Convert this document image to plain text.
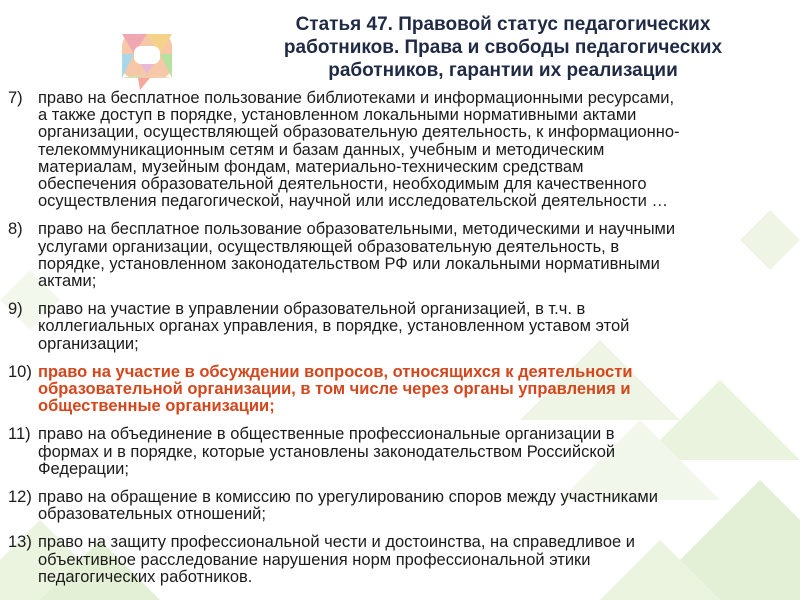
Статья 47. Правовой статус педагогических
работников. Права и свободы педагогических
работников, гарантии их реализации
7) право на бесплатное пользование библиотеками и информационными ресурсами,
а также доступ в порядке, установленном локальными нормативными актами
организации, осуществляющей образовательную деятельность, к информационно-
телекоммуникационным сетям и базам данных, учебным и методическим
материалам, музейным фондам, материально-техническим средствам
обеспечения образовательной деятельности, необходимым для качественного
осуществления педагогической, научной или исследовательской деятельности …
8) право на бесплатное пользование образовательными, методическими и научными
услугами организации, осуществляющей образовательную деятельность, в
порядке, установленном законодательством РФ или локальными нормативными
актами;
9) право на участие в управлении образовательной организацией, в т.ч. в
коллегиальных органах управления, в порядке, установленном уставом этой
организации;
10) право на участие в обсуждении вопросов, относящихся к деятельности
образовательной организации, в том числе через органы управления и
общественные организации;
11) право на объединение в общественные профессиональные организации в
формах и в порядке, которые установлены законодательством Российской
Федерации;
12) право на обращение в комиссию по урегулированию споров между участниками
образовательных отношений;
13) право на защиту профессиональной чести и достоинства, на справедливое и
объективное расследование нарушения норм профессиональной этики
педагогических работников.
